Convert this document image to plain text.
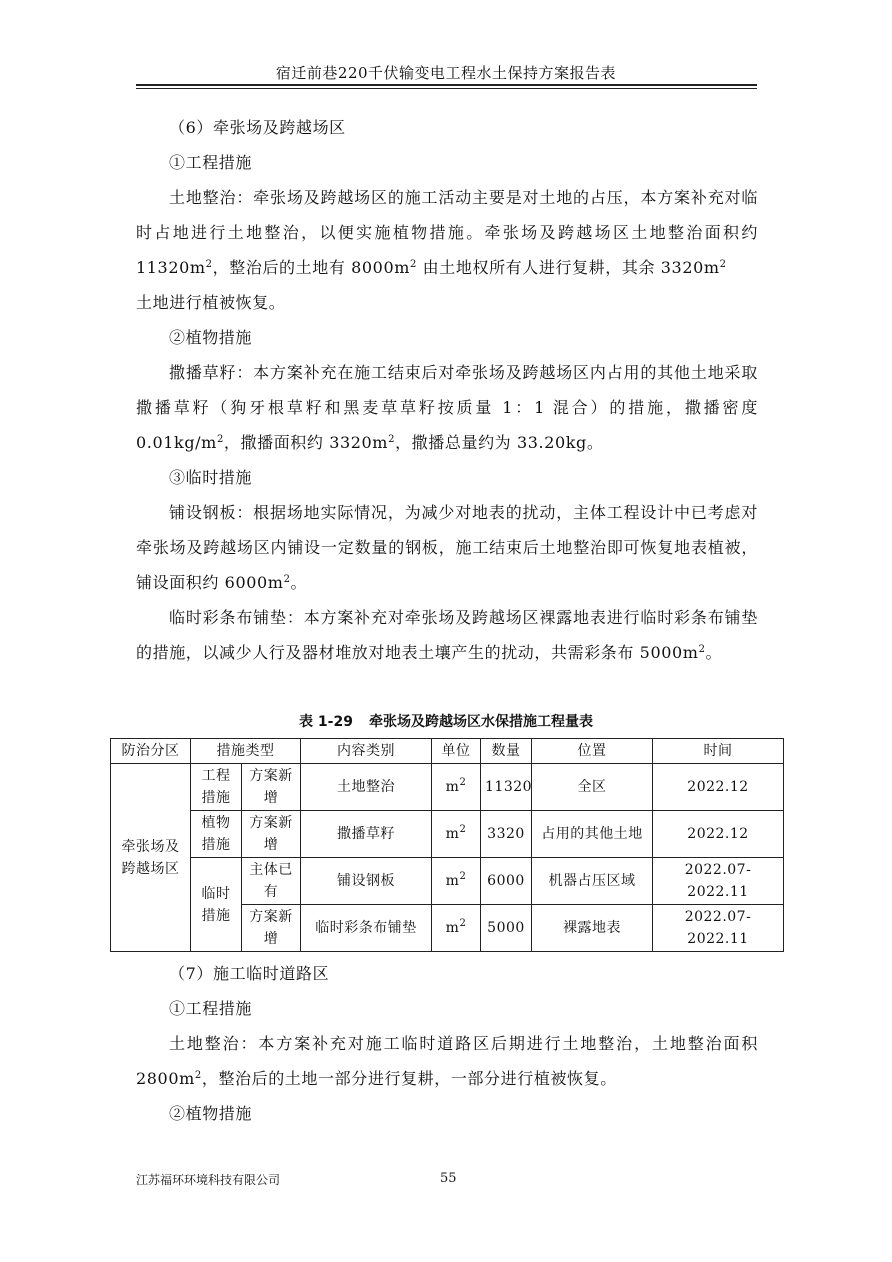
宿迁前巷220千伏输变电工程水土保持方案报告表

（6）牵张场及跨越场区

①工程措施

土地整治：牵张场及跨越场区的施工活动主要是对土地的占压，本方案补充对临时占地进行土地整治，以便实施植物措施。牵张场及跨越场区土地整治面积约 $11320m^2$，整治后的土地有 $8000m^2$ 由土地权所有人进行复耕，其余 $3320m^2$
土地进行植被恢复。

②植物措施

撒播草籽：本方案补充在施工结束后对牵张场及跨越场区内占用的其他土地采取撒播草籽（狗牙根草籽和黑麦草草籽按质量 1：1 混合）的措施，撒播密度 $0.01kg/m^2$，撒播面积约 $3320m^2$，撒播总量约为 33.20kg。

③临时措施

铺设钢板：根据场地实际情况，为减少对地表的扰动，主体工程设计中已考虑对牵张场及跨越场区内铺设一定数量的钢板，施工结束后土地整治即可恢复地表植被，铺设面积约 $6000m^2$。

临时彩条布铺垫：本方案补充对牵张场及跨越场区裸露地表进行临时彩条布铺垫的措施，以减少人行及器材堆放对地表土壤产生的扰动，共需彩条布 $5000m^2$。

表 1-29 牵张场及跨越场区水保措施工程量表
防治分区	措施类型		内容类别	单位	数量	位置	时间
牵张场及跨越场区	工程措施	方案新增	土地整治	$m^2$	11320	全区	2022.12
	植物措施	方案新增	撒播草籽	$m^2$	3320	占用的其他土地	2022.12
	临时措施	主体已有	铺设钢板	$m^2$	6000	机器占压区域	2022.07-2022.11
		方案新增	临时彩条布铺垫	$m^2$	5000	裸露地表	2022.07-2022.11

（7）施工临时道路区

①工程措施

土地整治：本方案补充对施工临时道路区后期进行土地整治，土地整治面积 $2800m^2$，整治后的土地一部分进行复耕，一部分进行植被恢复。

②植物措施

江苏福环环境科技有限公司	55
